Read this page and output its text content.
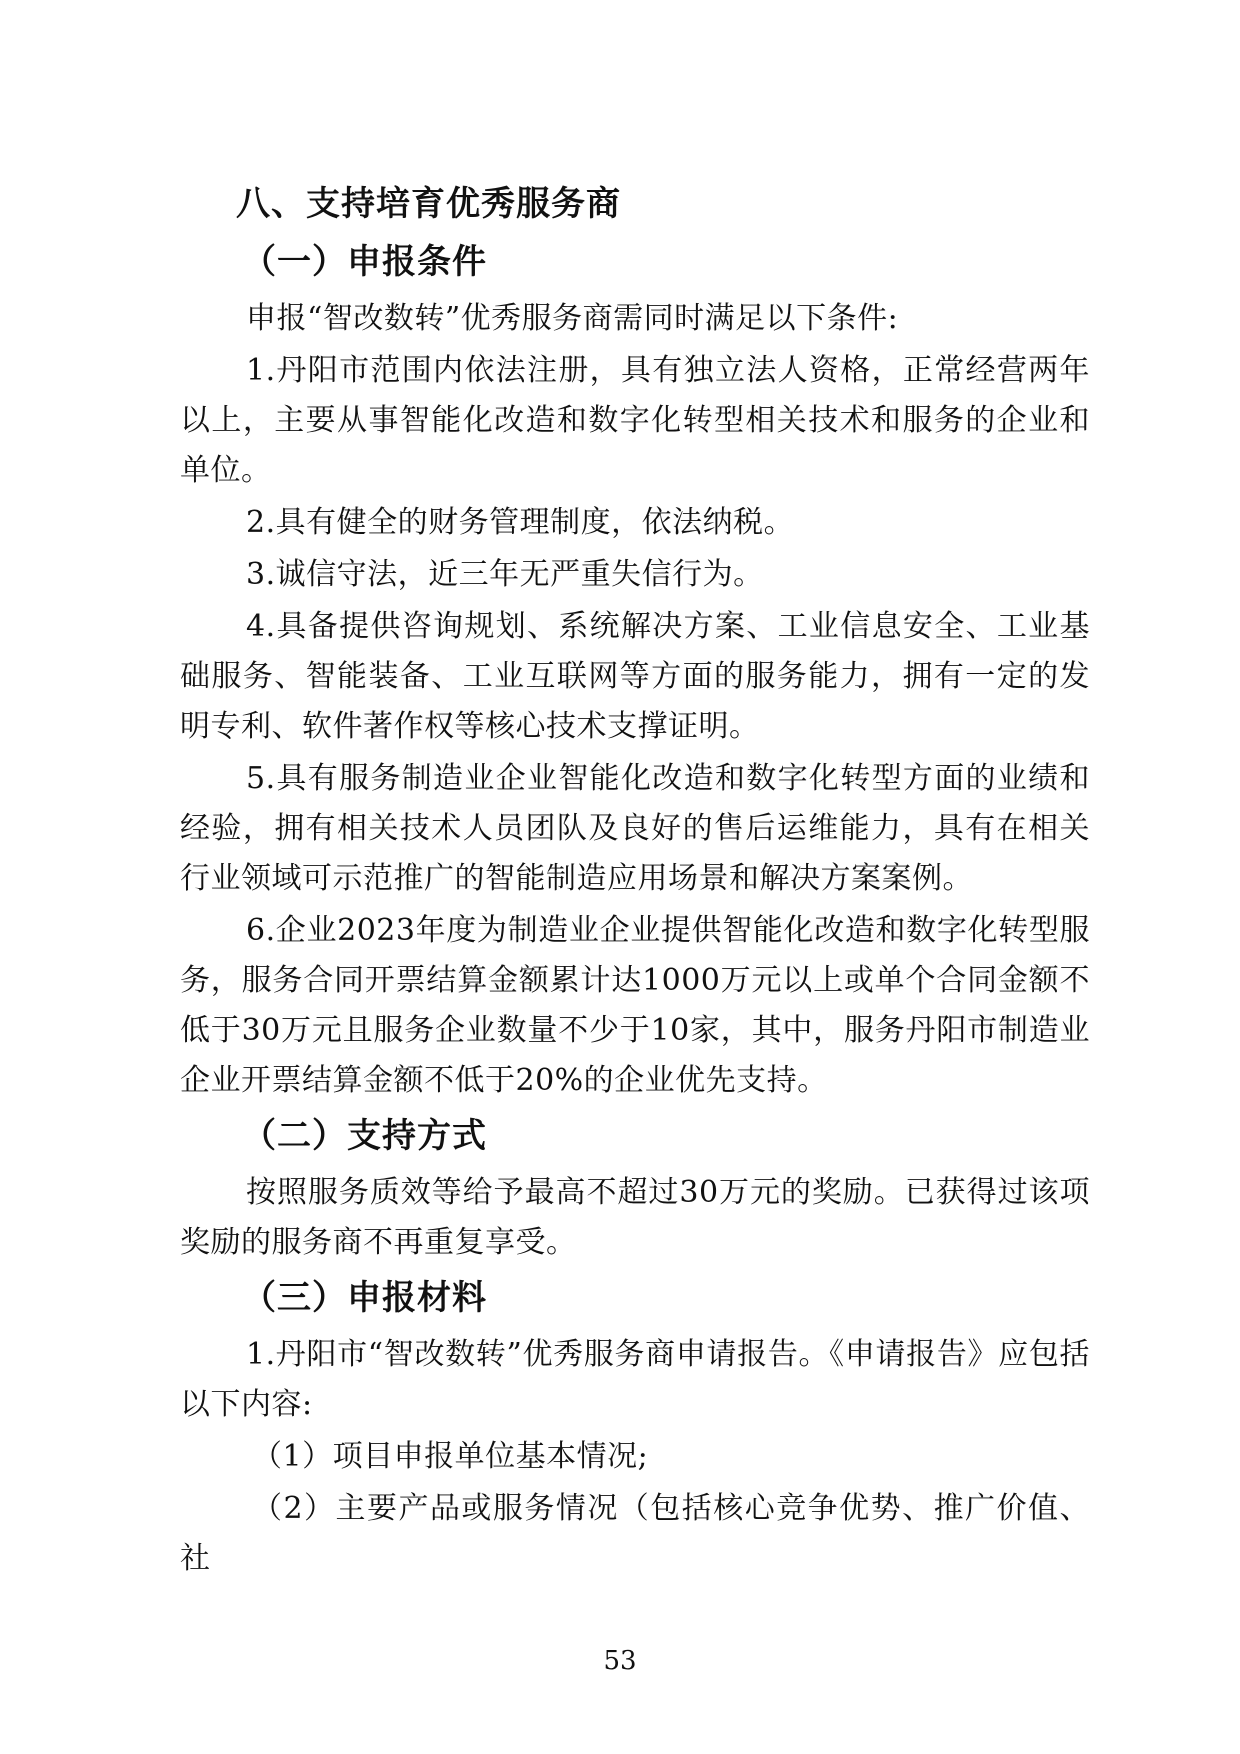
八、支持培育优秀服务商
（一）申报条件

申报“智改数转”优秀服务商需同时满足以下条件:

1.丹阳市范围内依法注册，具有独立法人资格，正常经营两年以上，主要从事智能化改造和数字化转型相关技术和服务的企业和单位。

2.具有健全的财务管理制度，依法纳税。

3.诚信守法，近三年无严重失信行为。

4.具备提供咨询规划、系统解决方案、工业信息安全、工业基础服务、智能装备、工业互联网等方面的服务能力，拥有一定的发明专利、软件著作权等核心技术支撑证明。

5.具有服务制造业企业智能化改造和数字化转型方面的业绩和经验，拥有相关技术人员团队及良好的售后运维能力，具有在相关行业领域可示范推广的智能制造应用场景和解决方案案例。

6.企业2023年度为制造业企业提供智能化改造和数字化转型服务，服务合同开票结算金额累计达1000万元以上或单个合同金额不低于30万元且服务企业数量不少于10家，其中，服务丹阳市制造业企业开票结算金额不低于20%的企业优先支持。

（二）支持方式

按照服务质效等给予最高不超过30万元的奖励。已获得过该项奖励的服务商不再重复享受。

（三）申报材料

1.丹阳市“智改数转”优秀服务商申请报告。《申请报告》应包括以下内容:

（1）项目申报单位基本情况;

（2）主要产品或服务情况（包括核心竞争优势、推广价值、社

53
